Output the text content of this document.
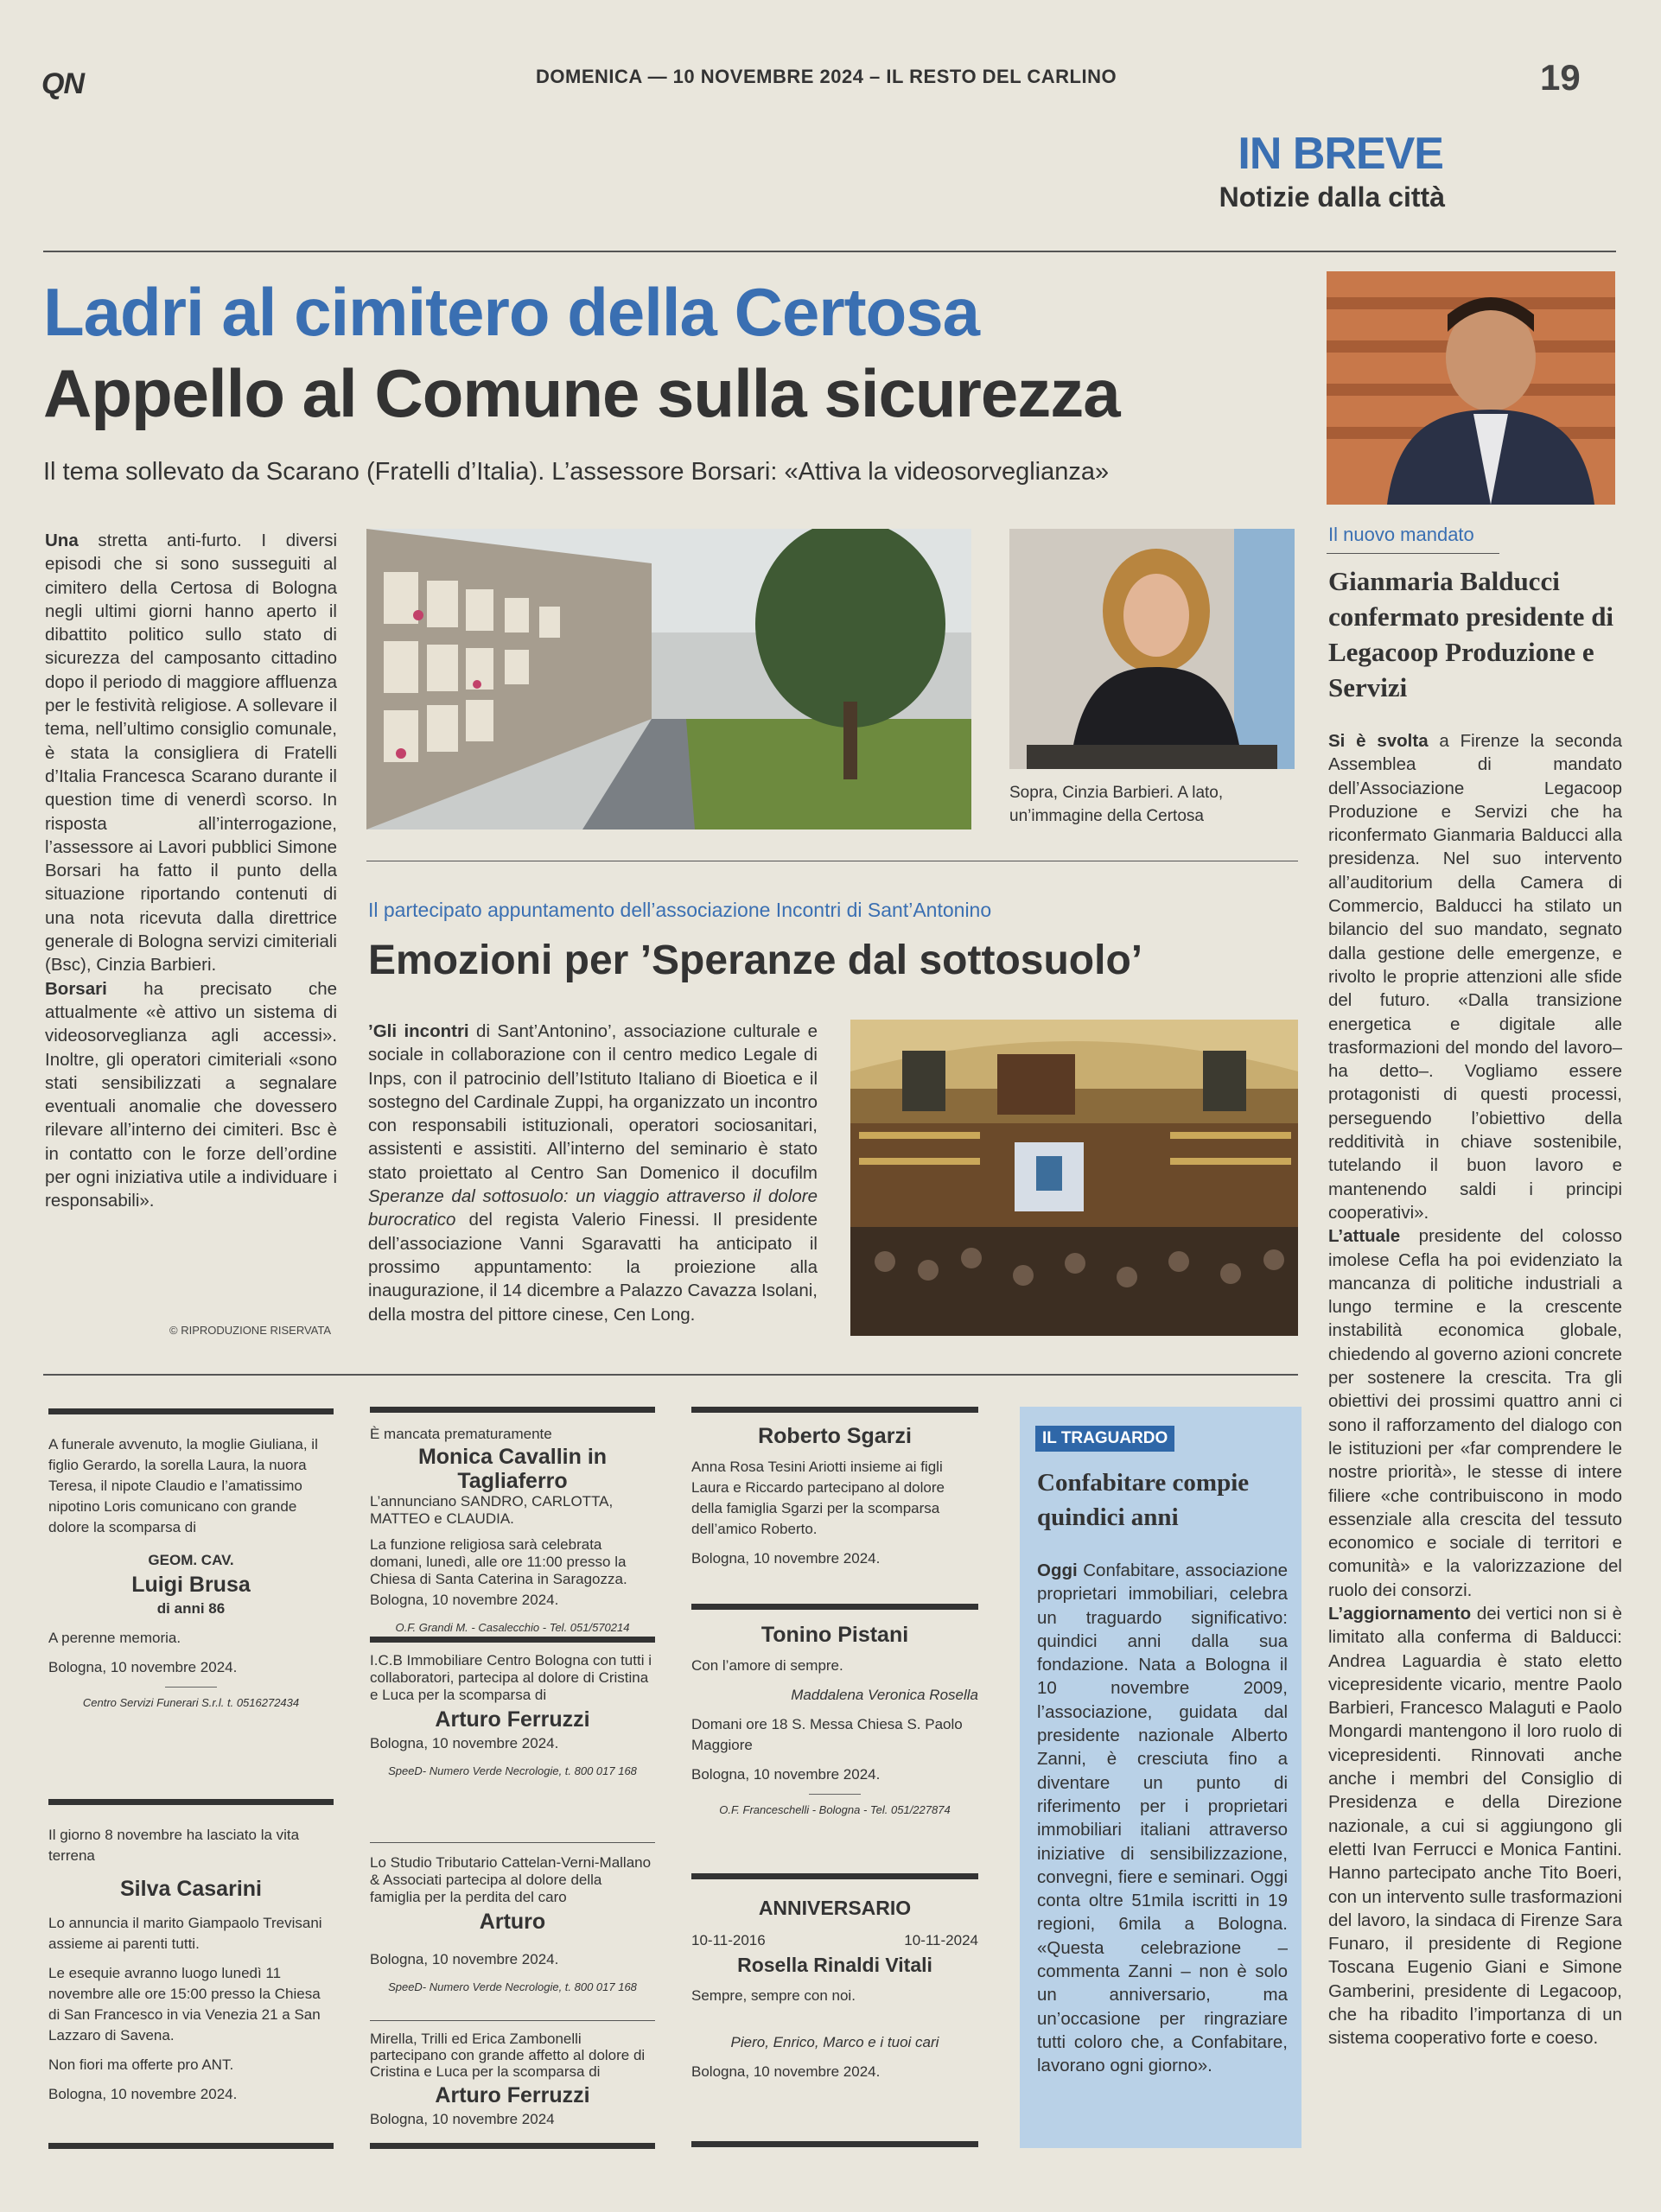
QN	DOMENICA — 10 NOVEMBRE 2024 – IL RESTO DEL CARLINO	19
IN BREVE
Notizie dalla città
Ladri al cimitero della Certosa
Appello al Comune sulla sicurezza
Il tema sollevato da Scarano (Fratelli d’Italia). L’assessore Borsari: «Attiva la videosorveglianza»
Una stretta anti-furto. I diversi episodi che si sono susseguiti al cimitero della Certosa di Bologna negli ultimi giorni hanno aperto il dibattito politico sullo stato di sicurezza del camposanto cittadino dopo il periodo di maggiore affluenza per le festività religiose. A sollevare il tema, nell’ultimo consiglio comunale, è stata la consigliera di Fratelli d’Italia Francesca Scarano durante il question time di venerdì scorso. In risposta all’interrogazione, l’assessore ai Lavori pubblici Simone Borsari ha fatto il punto della situazione riportando contenuti di una nota ricevuta dalla direttrice generale di Bologna servizi cimiteriali (Bsc), Cinzia Barbieri.
Borsari ha precisato che attualmente «è attivo un sistema di videosorveglianza agli accessi». Inoltre, gli operatori cimiteriali «sono stati sensibilizzati a segnalare eventuali anomalie che dovessero rilevare all’interno dei cimiteri. Bsc è in contatto con le forze dell’ordine per ogni iniziativa utile a individuare i responsabili».
© RIPRODUZIONE RISERVATA
Sopra, Cinzia Barbieri. A lato, un’immagine della Certosa
Il partecipato appuntamento dell’associazione Incontri di Sant’Antonino
Emozioni per ’Speranze dal sottosuolo’
’Gli incontri di Sant’Antonino’, associazione culturale e sociale in collaborazione con il centro medico Legale di Inps, con il patrocinio dell’Istituto Italiano di Bioetica e il sostegno del Cardinale Zuppi, ha organizzato un incontro con responsabili istituzionali, operatori sociosanitari, assistenti e assistiti. All’interno del seminario è stato stato proiettato al Centro San Domenico il docufilm Speranze dal sottosuolo: un viaggio attraverso il dolore burocratico del regista Valerio Finessi. Il presidente dell’associazione Vanni Sgaravatti ha anticipato il prossimo appuntamento: la proiezione alla inaugurazione, il 14 dicembre a Palazzo Cavazza Isolani, della mostra del pittore cinese, Cen Long.
Il nuovo mandato
Gianmaria Balducci confermato presidente di Legacoop Produzione e Servizi
Si è svolta a Firenze la seconda Assemblea di mandato dell’Associazione Legacoop Produzione e Servizi che ha riconfermato Gianmaria Balducci alla presidenza. Nel suo intervento all’auditorium della Camera di Commercio, Balducci ha stilato un bilancio del suo mandato, segnato dalla gestione delle emergenze, e rivolto le proprie attenzioni alle sfide del futuro. «Dalla transizione energetica e digitale alle trasformazioni del mondo del lavoro– ha detto–. Vogliamo essere protagonisti di questi processi, perseguendo l’obiettivo della redditività in chiave sostenibile, tutelando il buon lavoro e mantenendo saldi i principi cooperativi».
L’attuale presidente del colosso imolese Cefla ha poi evidenziato la mancanza di politiche industriali a lungo termine e la crescente instabilità economica globale, chiedendo al governo azioni concrete per sostenere la crescita. Tra gli obiettivi dei prossimi quattro anni ci sono il rafforzamento del dialogo con le istituzioni per «far comprendere le nostre priorità», le stesse di intere filiere «che contribuiscono in modo essenziale alla crescita del tessuto economico e sociale di territori e comunità» e la valorizzazione del ruolo dei consorzi.
L’aggiornamento dei vertici non si è limitato alla conferma di Balducci: Andrea Laguardia è stato eletto vicepresidente vicario, mentre Paolo Barbieri, Francesco Malaguti e Paolo Mongardi mantengono il loro ruolo di vicepresidenti. Rinnovati anche anche i membri del Consiglio di Presidenza e della Direzione nazionale, a cui si aggiungono gli eletti Ivan Ferrucci e Monica Fantini. Hanno partecipato anche Tito Boeri, con un intervento sulle trasformazioni del lavoro, la sindaca di Firenze Sara Funaro, il presidente di Regione Toscana Eugenio Giani e Simone Gamberini, presidente di Legacoop, che ha ribadito l’importanza di un sistema cooperativo forte e coeso.

A funerale avvenuto, la moglie Giuliana, il figlio Gerardo, la sorella Laura, la nuora Teresa, il nipote Claudio e l’amatissimo nipotino Loris comunicano con grande dolore la scomparsa di

GEOM. CAV.
Luigi Brusa
di anni 86

A perenne memoria.

Bologna, 10 novembre 2024.

Centro Servizi Funerari S.r.l. t. 0516272434

Il giorno 8 novembre ha lasciato la vita terrena

Silva Casarini

Lo annuncia il marito Giampaolo Trevisani assieme ai parenti tutti.

Le esequie avranno luogo lunedì 11 novembre alle ore 15:00 presso la Chiesa di San Francesco in via Venezia 21 a San Lazzaro di Savena.

Non fiori ma offerte pro ANT.

Bologna, 10 novembre 2024.

È mancata prematuramente
Monica Cavallin in Tagliaferro

L’annunciano SANDRO, CARLOTTA, MATTEO e CLAUDIA.

La funzione religiosa sarà celebrata domani, lunedì, alle ore 11:00 presso la Chiesa di Santa Caterina in Saragozza.

Bologna, 10 novembre 2024.

O.F. Grandi M. - Casalecchio - Tel. 051/570214

I.C.B Immobiliare Centro Bologna con tutti i collaboratori, partecipa al dolore di Cristina e Luca per la scomparsa di

Arturo Ferruzzi

Bologna, 10 novembre 2024.

SpeeD- Numero Verde Necrologie, t. 800 017 168

Lo Studio Tributario Cattelan-Verni-Mallano & Associati partecipa al dolore della famiglia per la perdita del caro

Arturo

Bologna, 10 novembre 2024.

SpeeD- Numero Verde Necrologie, t. 800 017 168

Mirella, Trilli ed Erica Zambonelli partecipano con grande affetto al dolore di Cristina e Luca per la scomparsa di

Arturo Ferruzzi

Bologna, 10 novembre 2024

Roberto Sgarzi

Anna Rosa Tesini Ariotti insieme ai figli Laura e Riccardo partecipano al dolore della famiglia Sgarzi per la scomparsa dell’amico Roberto.

Bologna, 10 novembre 2024.

Tonino Pistani

Con l’amore di sempre.

Maddalena Veronica Rosella

Domani ore 18 S. Messa Chiesa S. Paolo Maggiore

Bologna, 10 novembre 2024.

O.F. Franceschelli - Bologna - Tel. 051/227874
ANNIVERSARIO
10-11-2016	10-11-2024
Rosella Rinaldi Vitali

Sempre, sempre con noi.

Piero, Enrico, Marco e i tuoi cari

Bologna, 10 novembre 2024.

IL TRAGUARDO
Confabitare compie quindici anni
Oggi Confabitare, associazione proprietari immobiliari, celebra un traguardo significativo: quindici anni dalla sua fondazione. Nata a Bologna il 10 novembre 2009, l’associazione, guidata dal presidente nazionale Alberto Zanni, è cresciuta fino a diventare un punto di riferimento per i proprietari immobiliari italiani attraverso iniziative di sensibilizzazione, convegni, fiere e seminari. Oggi conta oltre 51mila iscritti in 19 regioni, 6mila a Bologna. «Questa celebrazione – commenta Zanni – non è solo un anniversario, ma un’occasione per ringraziare tutti coloro che, a Confabitare, lavorano ogni giorno».
